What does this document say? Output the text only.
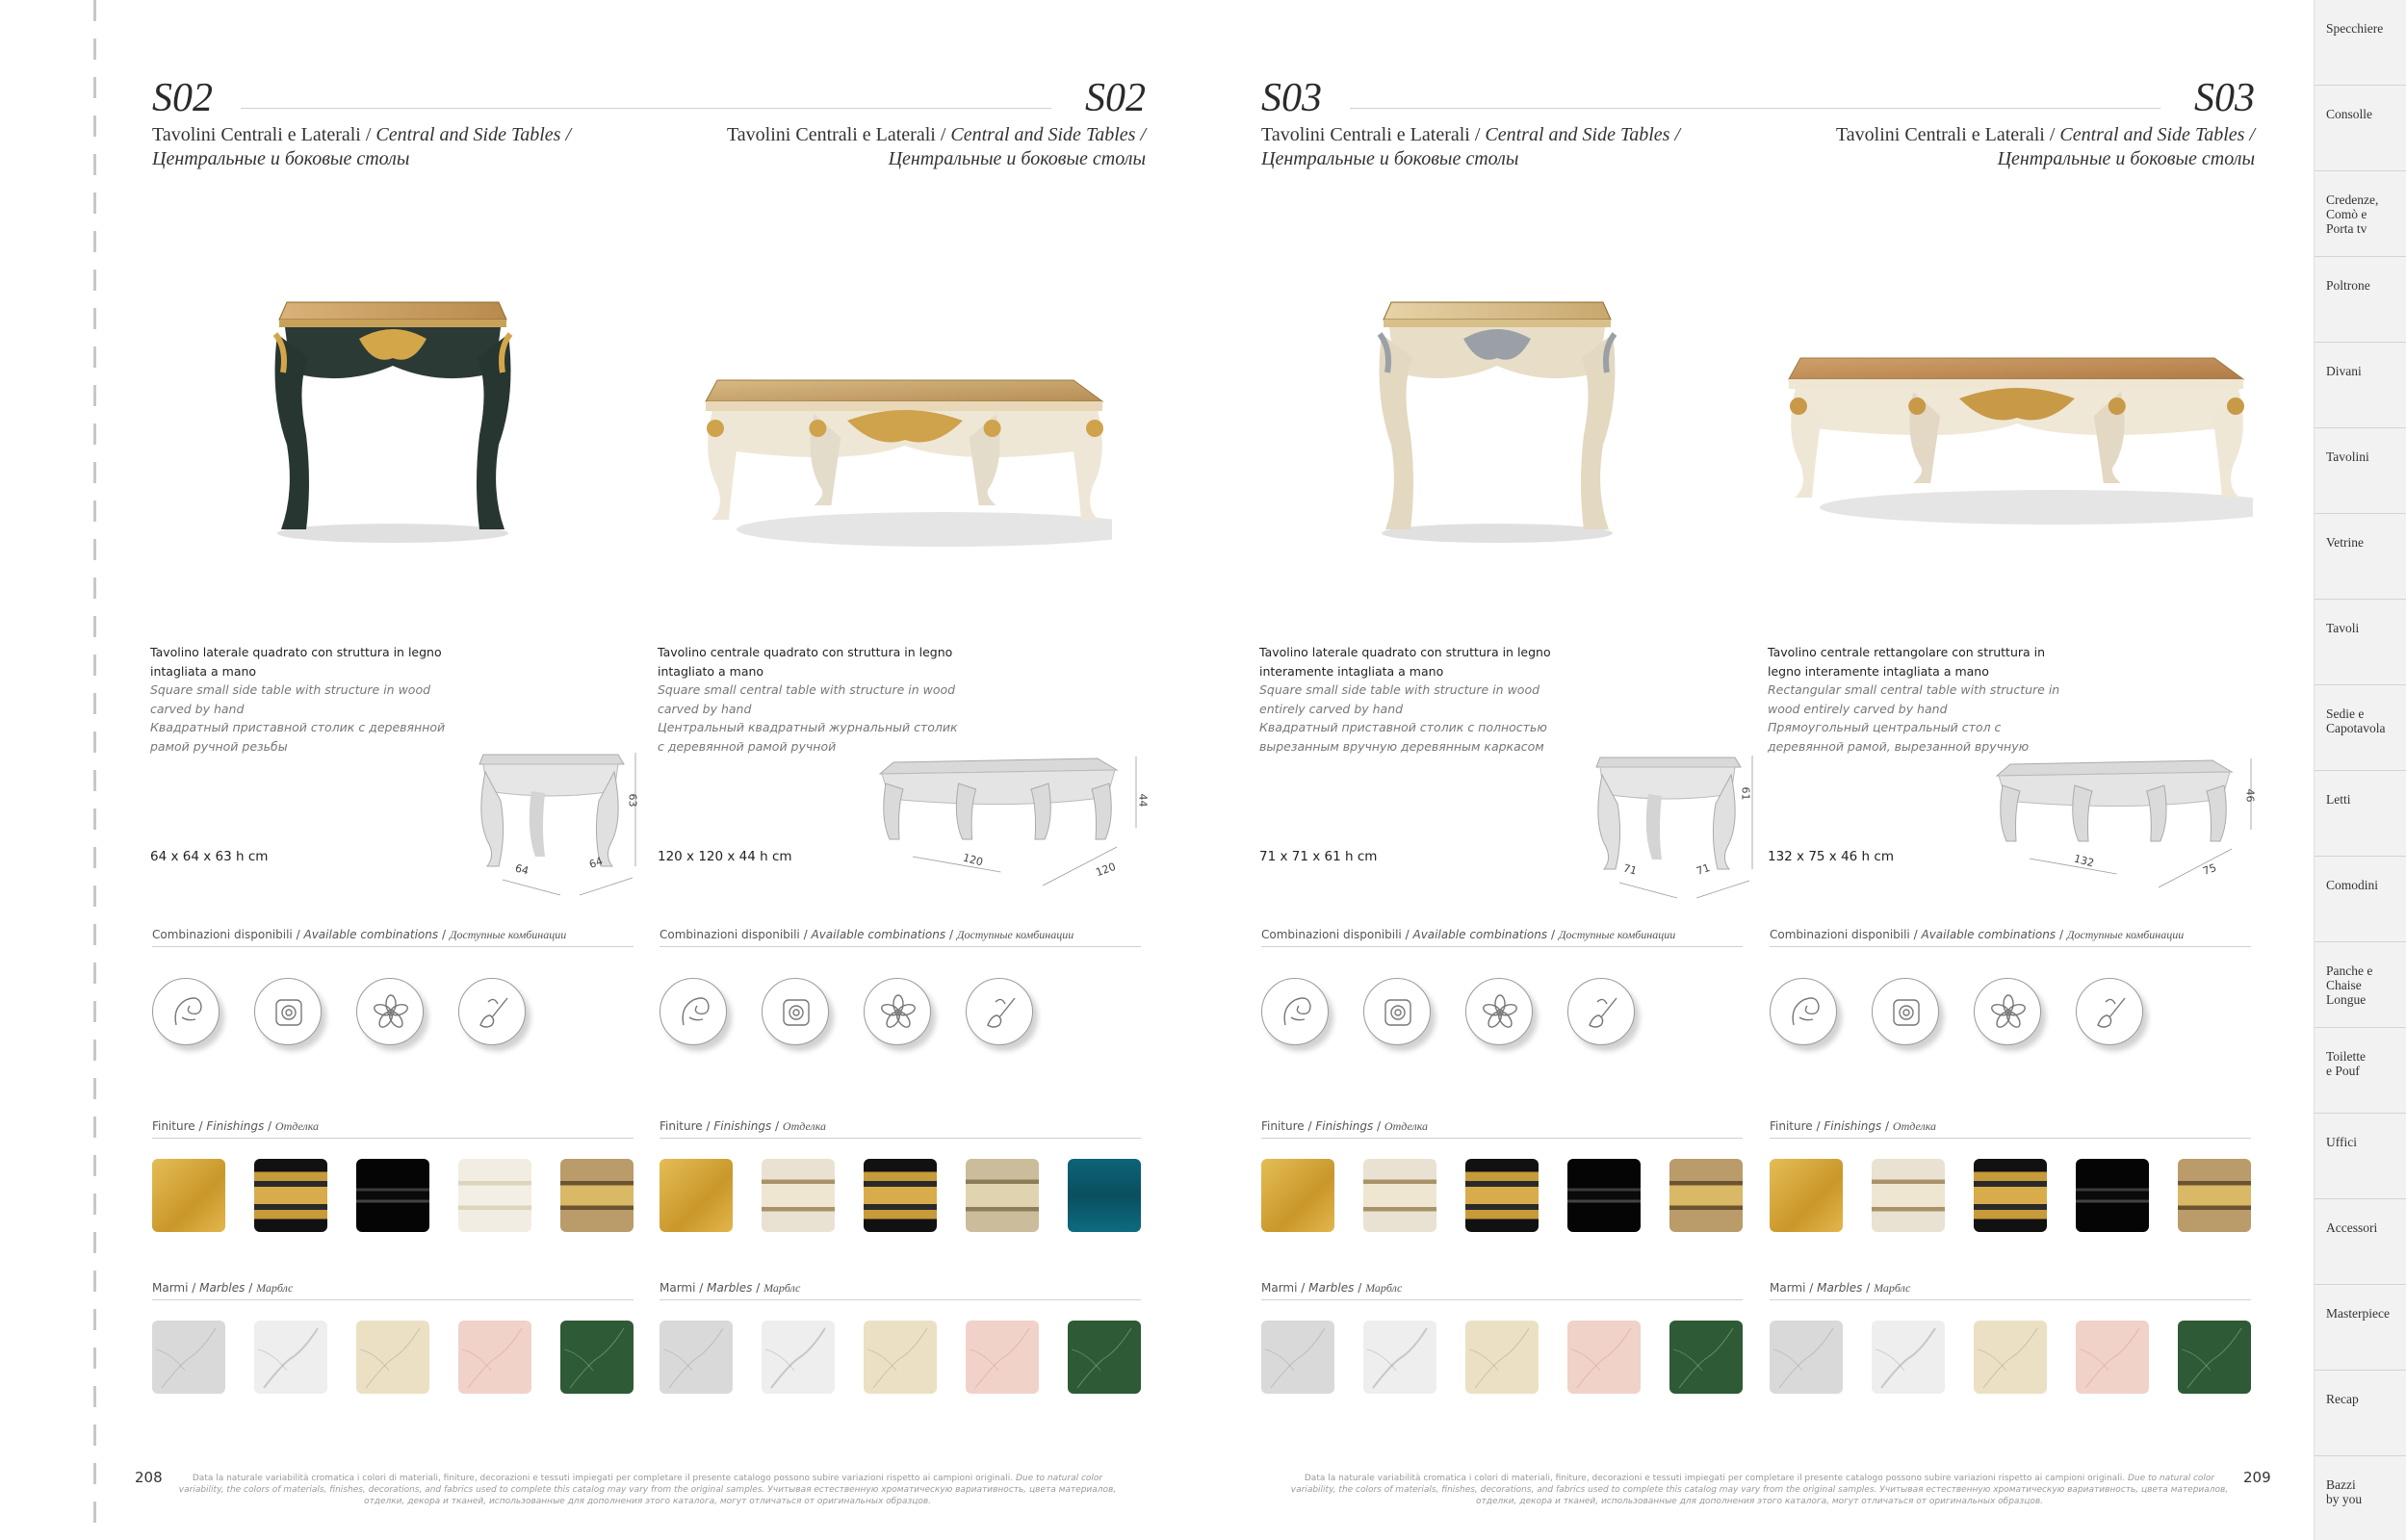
S02	S02
Tavolini Centrali e Laterali / Central and Side Tables /
Центральные и боковые столы
Tavolini Centrali e Laterali / Central and Side Tables /
Центральные и боковые столы
S03	S03
Tavolini Centrali e Laterali / Central and Side Tables /
Центральные и боковые столы
Tavolini Centrali e Laterali / Central and Side Tables /
Центральные и боковые столы
Tavolino laterale quadrato con struttura in legno intagliata a mano
Square small side table with structure in wood carved by hand
Квадратный приставной столик с деревянной рамой ручной резьбы
64 x 64 x 63 h cm
63
64	64
Combinazioni disponibili / Available combinations / Доступные комбинации
Finiture / Finishings / Отделка
Marmi / Marbles / Марблс
Tavolino centrale quadrato con struttura in legno intagliato a mano
Square small central table with structure in wood carved by hand
Центральный квадратный журнальный столик с деревянной рамой ручной
120 x 120 x 44 h cm
44
120
120
Combinazioni disponibili / Available combinations / Доступные комбинации
Finiture / Finishings / Отделка
Marmi / Marbles / Марблс
Tavolino laterale quadrato con struttura in legno interamente intagliata a mano
Square small side table with structure in wood entirely carved by hand
Квадратный приставной столик с полностью вырезанным вручную деревянным каркасом
71 x 71 x 61 h cm
61
71	71
Combinazioni disponibili / Available combinations / Доступные комбинации
Finiture / Finishings / Отделка
Marmi / Marbles / Марблс
Tavolino centrale rettangolare con struttura in legno interamente intagliata a mano
Rectangular small central table with structure in wood entirely carved by hand
Прямоугольный центральный стол с деревянной рамой, вырезанной вручную
132 x 75 x 46 h cm
46
132
75
Combinazioni disponibili / Available combinations / Доступные комбинации
Finiture / Finishings / Отделка
Marmi / Marbles / Марблс
208	209
Data la naturale variabilità cromatica i colori di materiali, finiture, decorazioni e tessuti impiegati per completare il presente catalogo possono subire variazioni rispetto ai campioni originali. Due to natural color variability, the colors of materials, finishes, decorations, and fabrics used to complete this catalog may vary from the original samples. Учитывая естественную хроматическую вариативность, цвета материалов, отделки, декора и тканей, использованные для дополнения этого каталога, могут отличаться от оригинальных образцов.
Data la naturale variabilità cromatica i colori di materiali, finiture, decorazioni e tessuti impiegati per completare il presente catalogo possono subire variazioni rispetto ai campioni originali. Due to natural color variability, the colors of materials, finishes, decorations, and fabrics used to complete this catalog may vary from the original samples. Учитывая естественную хроматическую вариативность, цвета материалов, отделки, декора и тканей, использованные для дополнения этого каталога, могут отличаться от оригинальных образцов.
Specchiere
Consolle
Credenze,
Comò e
Porta tv
Poltrone
Divani
Tavolini
Vetrine
Tavoli
Sedie e
Capotavola
Letti
Comodini
Panche e
Chaise
Longue
Toilette
e Pouf
Uffici
Accessori
Masterpiece
Recap
Bazzi
by you
